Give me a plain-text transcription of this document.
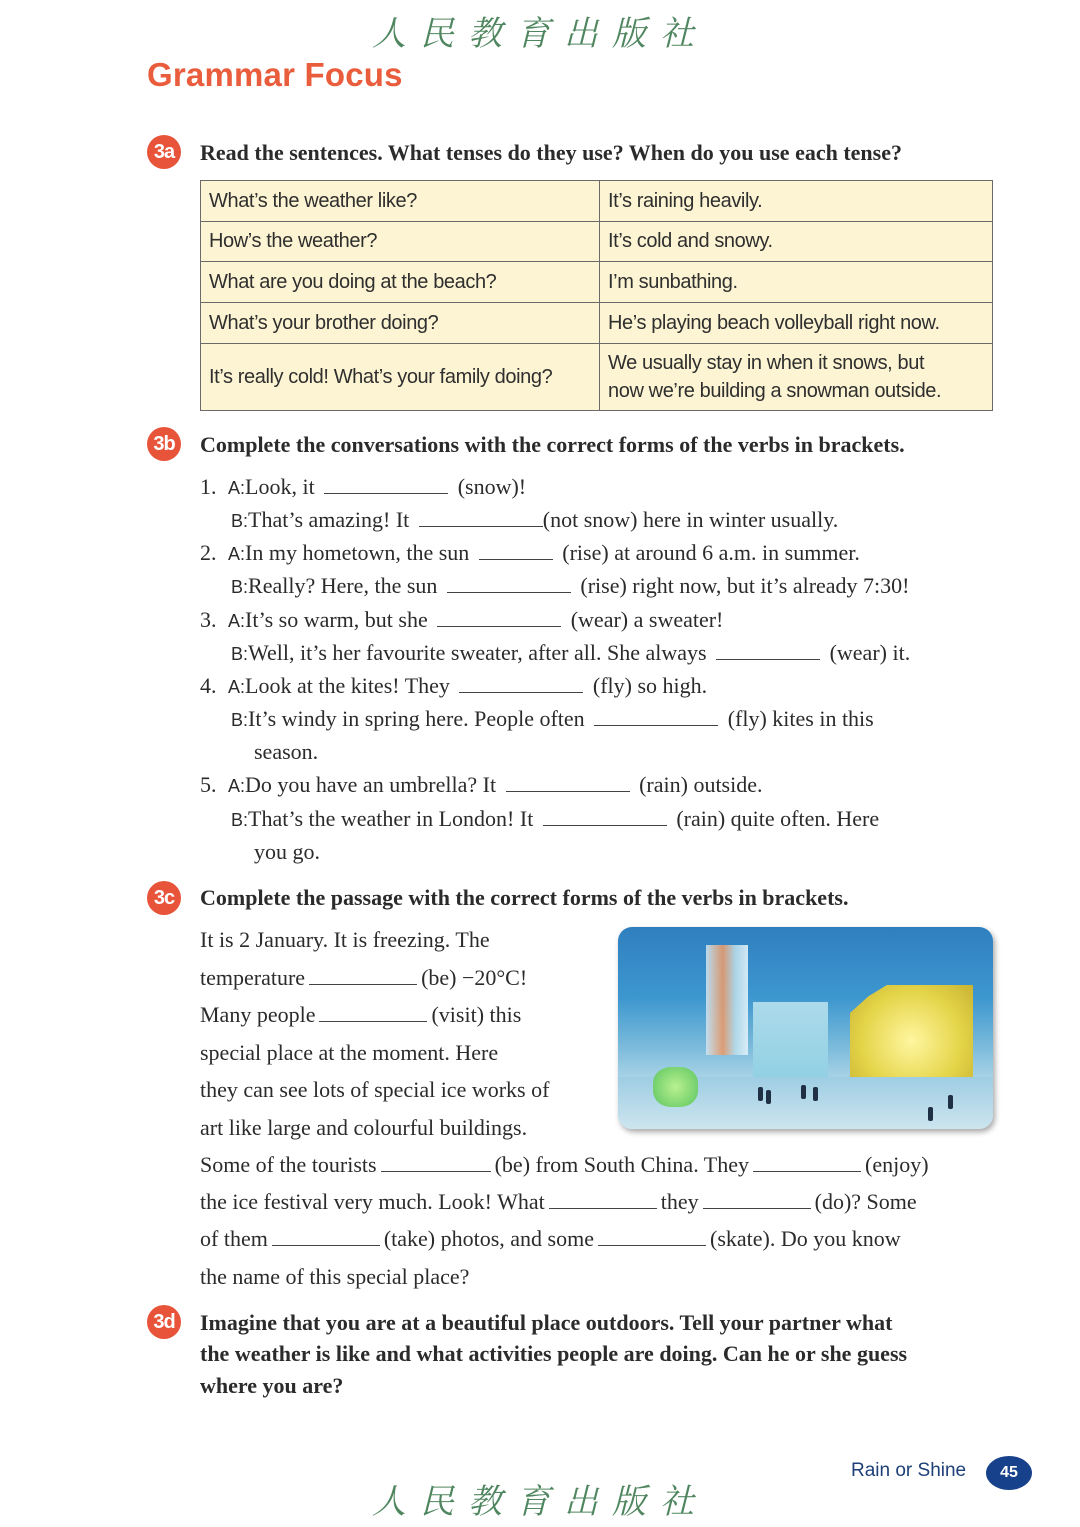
人民教育出版社
Grammar Focus
3a	Read the sentences. What tenses do they use? When do you use each tense?
What’s the weather like?	It’s raining heavily.
How’s the weather?	It’s cold and snowy.
What are you doing at the beach?	I’m sunbathing.
What’s your brother doing?	He’s playing beach volleyball right now.
It’s really cold! What’s your family doing?	We usually stay in when it snows, but
now we’re building a snowman outside.
3b Complete the conversations with the correct forms of the verbs in brackets.
1. A:Look, it	(snow)!
B:That’s amazing! It	(not snow) here in winter usually.
2. A:In my hometown, the sun	(rise) at around 6 a.m. in summer.
B:Really? Here, the sun	(rise) right now, but it’s already 7:30!
3. A:It’s so warm, but she	(wear) a sweater!
B:Well, it’s her favourite sweater, after all. She always	(wear) it.
4. A:Look at the kites! They	(fly) so high.
B:It’s windy in spring here. People often	(fly) kites in this
season.
5. A:Do you have an umbrella? It	(rain) outside.
B:That’s the weather in London! It	(rain) quite often. Here
you go.
3c	Complete the passage with the correct forms of the verbs in brackets.
It is 2 January. It is freezing. The
temperature	(be) −20°C!
Many people	(visit) this
special place at the moment. Here
they can see lots of special ice works of
art like large and colourful buildings.
Some of the tourists	(be) from South China. They	(enjoy)
the ice festival very much. Look! What	they	(do)? Some
of them	(take) photos, and some	(skate). Do you know
the name of this special place?
3d Imagine that you are at a beautiful place outdoors. Tell your partner what
the weather is like and what activities people are doing. Can he or she guess
where you are?
Rain or Shine	45
人民教育出版社
